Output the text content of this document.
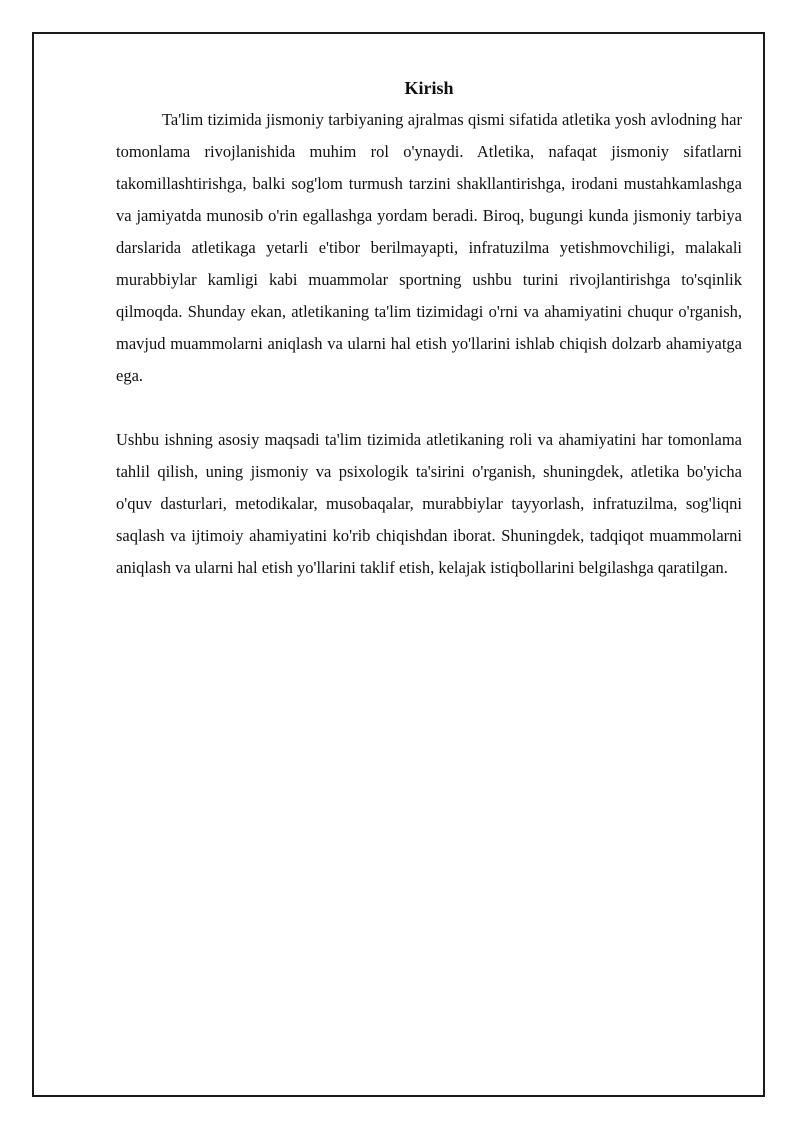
Kirish

Ta'lim tizimida jismoniy tarbiyaning ajralmas qismi sifatida atletika yosh avlodning har tomonlama rivojlanishida muhim rol o'ynaydi. Atletika, nafaqat jismoniy sifatlarni takomillashtirishga, balki sog'lom turmush tarzini shakllantirishga, irodani mustahkamlashga va jamiyatda munosib o'rin egallashga yordam beradi. Biroq, bugungi kunda jismoniy tarbiya darslarida atletikaga yetarli e'tibor berilmayapti, infratuzilma yetishmovchiligi, malakali murabbiylar kamligi kabi muammolar sportning ushbu turini rivojlantirishga to'sqinlik qilmoqda. Shunday ekan, atletikaning ta'lim tizimidagi o'rni va ahamiyatini chuqur o'rganish, mavjud muammolarni aniqlash va ularni hal etish yo'llarini ishlab chiqish dolzarb ahamiyatga ega.

Ushbu ishning asosiy maqsadi ta'lim tizimida atletikaning roli va ahamiyatini har tomonlama tahlil qilish, uning jismoniy va psixologik ta'sirini o'rganish, shuningdek, atletika bo'yicha o'quv dasturlari, metodikalar, musobaqalar, murabbiylar tayyorlash, infratuzilma, sog'liqni saqlash va ijtimoiy ahamiyatini ko'rib chiqishdan iborat. Shuningdek, tadqiqot muammolarni aniqlash va ularni hal etish yo'llarini taklif etish, kelajak istiqbollarini belgilashga qaratilgan.
